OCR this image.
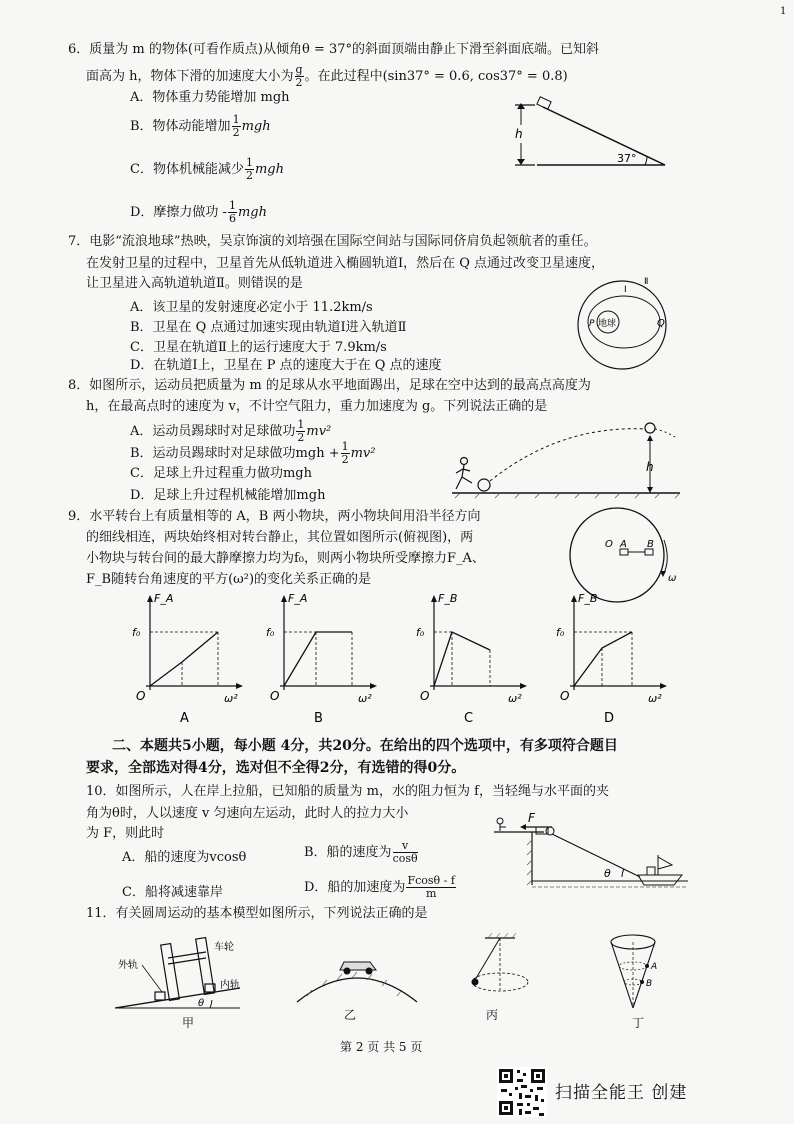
1
6．质量为 m 的物体(可看作质点)从倾角θ = 37°的斜面顶端由静止下滑至斜面底端。已知斜
面高为 h，物体下滑的加速度大小为 $\frac{g}{2}$ 。在此过程中(sin37° = 0.6, cos37° = 0.8)
A．物体重力势能增加 mgh
B．物体动能增加 $\frac{1}{2}$ mgh
C．物体机械能减少 $\frac{1}{2}$ mgh
D．摩擦力做功 - $\frac{1}{6}$ mgh
h
37°
7．电影“流浪地球”热映，吴京饰演的刘培强在国际空间站与国际同侪肩负起领航者的重任。
在发射卫星的过程中，卫星首先从低轨道进入椭圆轨道Ⅰ，然后在 Q 点通过改变卫星速度，
让卫星进入高轨道轨道Ⅱ。则错误的是
A．该卫星的发射速度必定小于 11.2km/s
B．卫星在 Q 点通过加速实现由轨道Ⅰ进入轨道Ⅱ
C．卫星在轨道Ⅱ上的运行速度大于 7.9km/s
D．在轨道Ⅰ上，卫星在 P 点的速度大于在 Q 点的速度
地球
P	Q
Ⅰ
Ⅱ
8．如图所示，运动员把质量为 m 的足球从水平地面踢出，足球在空中达到的最高点高度为
h，在最高点时的速度为 v，不计空气阻力，重力加速度为 g。下列说法正确的是
A．运动员踢球时对足球做功 $\frac{1}{2} mv^2$
B．运动员踢球时对足球做功mgh + $\frac{1}{2} mv^2$
C．足球上升过程重力做功mgh
D．足球上升过程机械能增加mgh
h
9．水平转台上有质量相等的 A，B 两小物块，两小物块间用沿半径方向
的细线相连，两块始终相对转台静止，其位置如图所示(俯视图)，两
小物块与转台间的最大静摩擦力均为f₀，则两小物块所受摩擦力F_A、
F_B随转台角速度的平方(ω²)的变化关系正确的是
O A B
ω
F_A
f₀
O	ω²
A
F_A
f₀
O	ω²
B
F_B
f₀
O	ω²
C
F_B
f₀
O	ω²
D
二、本题共5小题，每小题 4分，共20分。在给出的四个选项中，有多项符合题目
要求，全部选对得4分，选对但不全得2分，有选错的得0分。
10．如图所示，人在岸上拉船，已知船的质量为 m，水的阻力恒为 f，当轻绳与水平面的夹
角为θ时，人以速度 v 匀速向左运动，此时人的拉力大小
为 F，则此时
A．船的速度为vcosθ	B．船的速度为 $\frac{v}{\cos\theta}$
C．船将减速靠岸	D．船的加速度为 $\frac{Fcos\theta - f}{m}$
F
θ
11．有关圆周运动的基本模型如图所示，下列说法正确的是
θ
外轨
车轮
内轨
甲
乙	丙
A
B
丁
第 2 页 共 5 页
扫描全能王 创建
